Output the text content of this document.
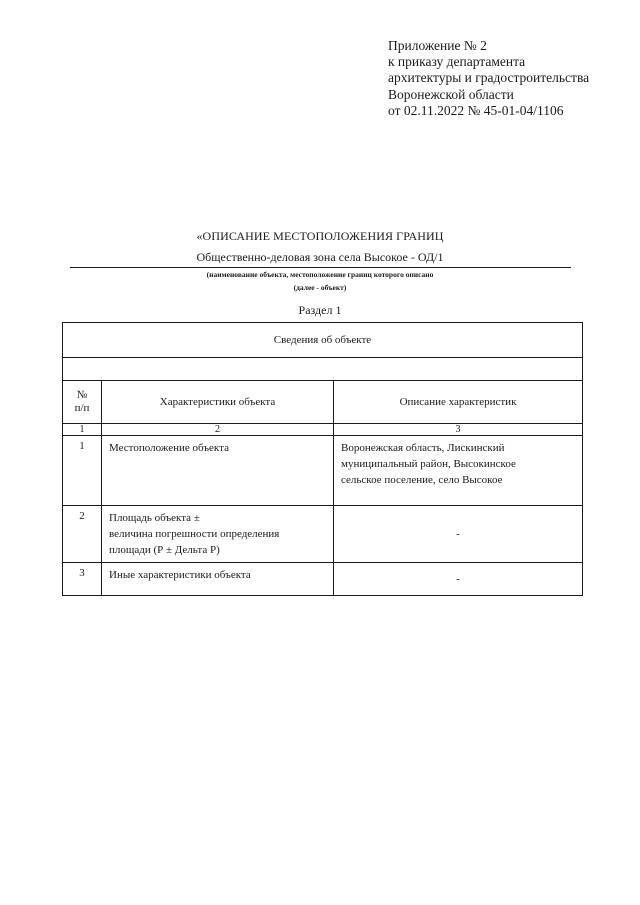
Приложение № 2
к приказу департамента
архитектуры и градостроительства
Воронежской области
от 02.11.2022 № 45-01-04/1106
«ОПИСАНИЕ МЕСТОПОЛОЖЕНИЯ ГРАНИЦ
Общественно-деловая зона села Высокое - ОД/1
(наименование объекта, местоположение границ которого описано
(далее - объект)
Раздел 1
Сведения об объекте		

№
п/п	Характеристики объекта	Описание характеристик
1	2	3
1	Местоположение объекта	Воронежская область, Лискинский
муниципальный район, Высокинское
сельское поселение, село Высокое

2	Площадь объекта ±
величина погрешности определения
площади (Р ± Дельта Р)	-
3	Иные характеристики объекта	-
